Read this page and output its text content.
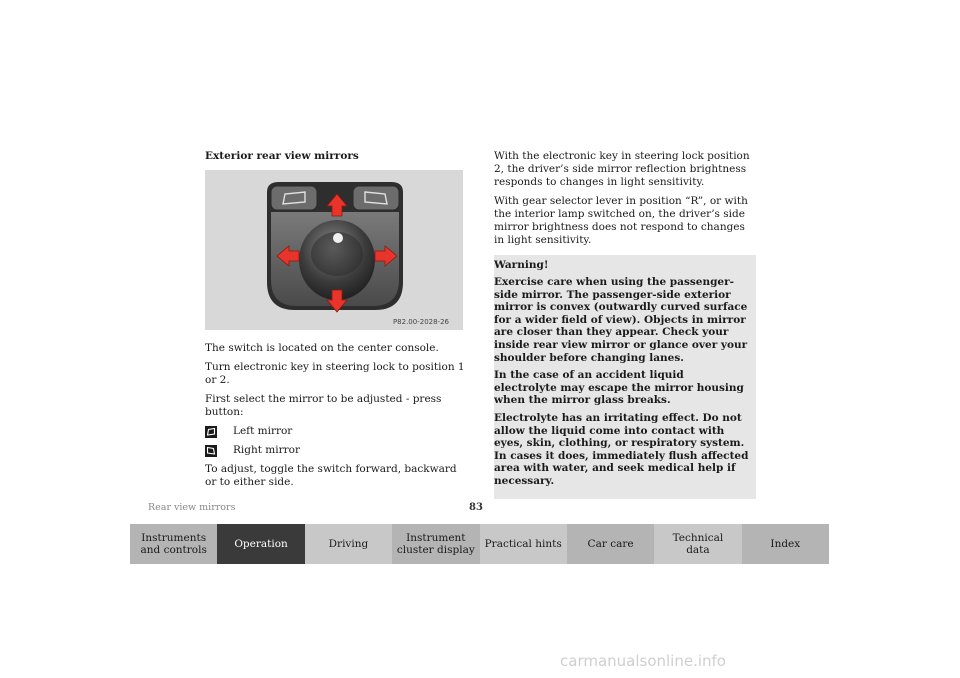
Exterior rear view mirrors
P82.00-2028-26

The switch is located on the center console.

Turn electronic key in steering lock to position 1 or 2.

First select the mirror to be adjusted - press button:

Left mirror
Right mirror

To adjust, toggle the switch forward, backward or to either side.

With the electronic key in steering lock position 2, the driver’s side mirror reflection brightness responds to changes in light sensitivity.

With gear selector lever in position “R”, or with the interior lamp switched on, the driver’s side mirror brightness does not respond to changes in light sensitivity.

Warning!

Exercise care when using the passenger-side mirror. The passenger-side exterior mirror is convex (outwardly curved surface for a wider field of view). Objects in mirror are closer than they appear. Check your inside rear view mirror or glance over your shoulder before changing lanes.

In the case of an accident liquid electrolyte may escape the mirror housing when the mirror glass breaks.

Electrolyte has an irritating effect. Do not allow the liquid come into contact with eyes, skin, clothing, or respiratory system. In cases it does, immediately flush affected area with water, and seek medical help if necessary.

Rear view mirrors	83
Instruments
and controls	Operation	Driving	Instrument
cluster display Practical hints Car care	Technical
data	Index
carmanualsonline.info
